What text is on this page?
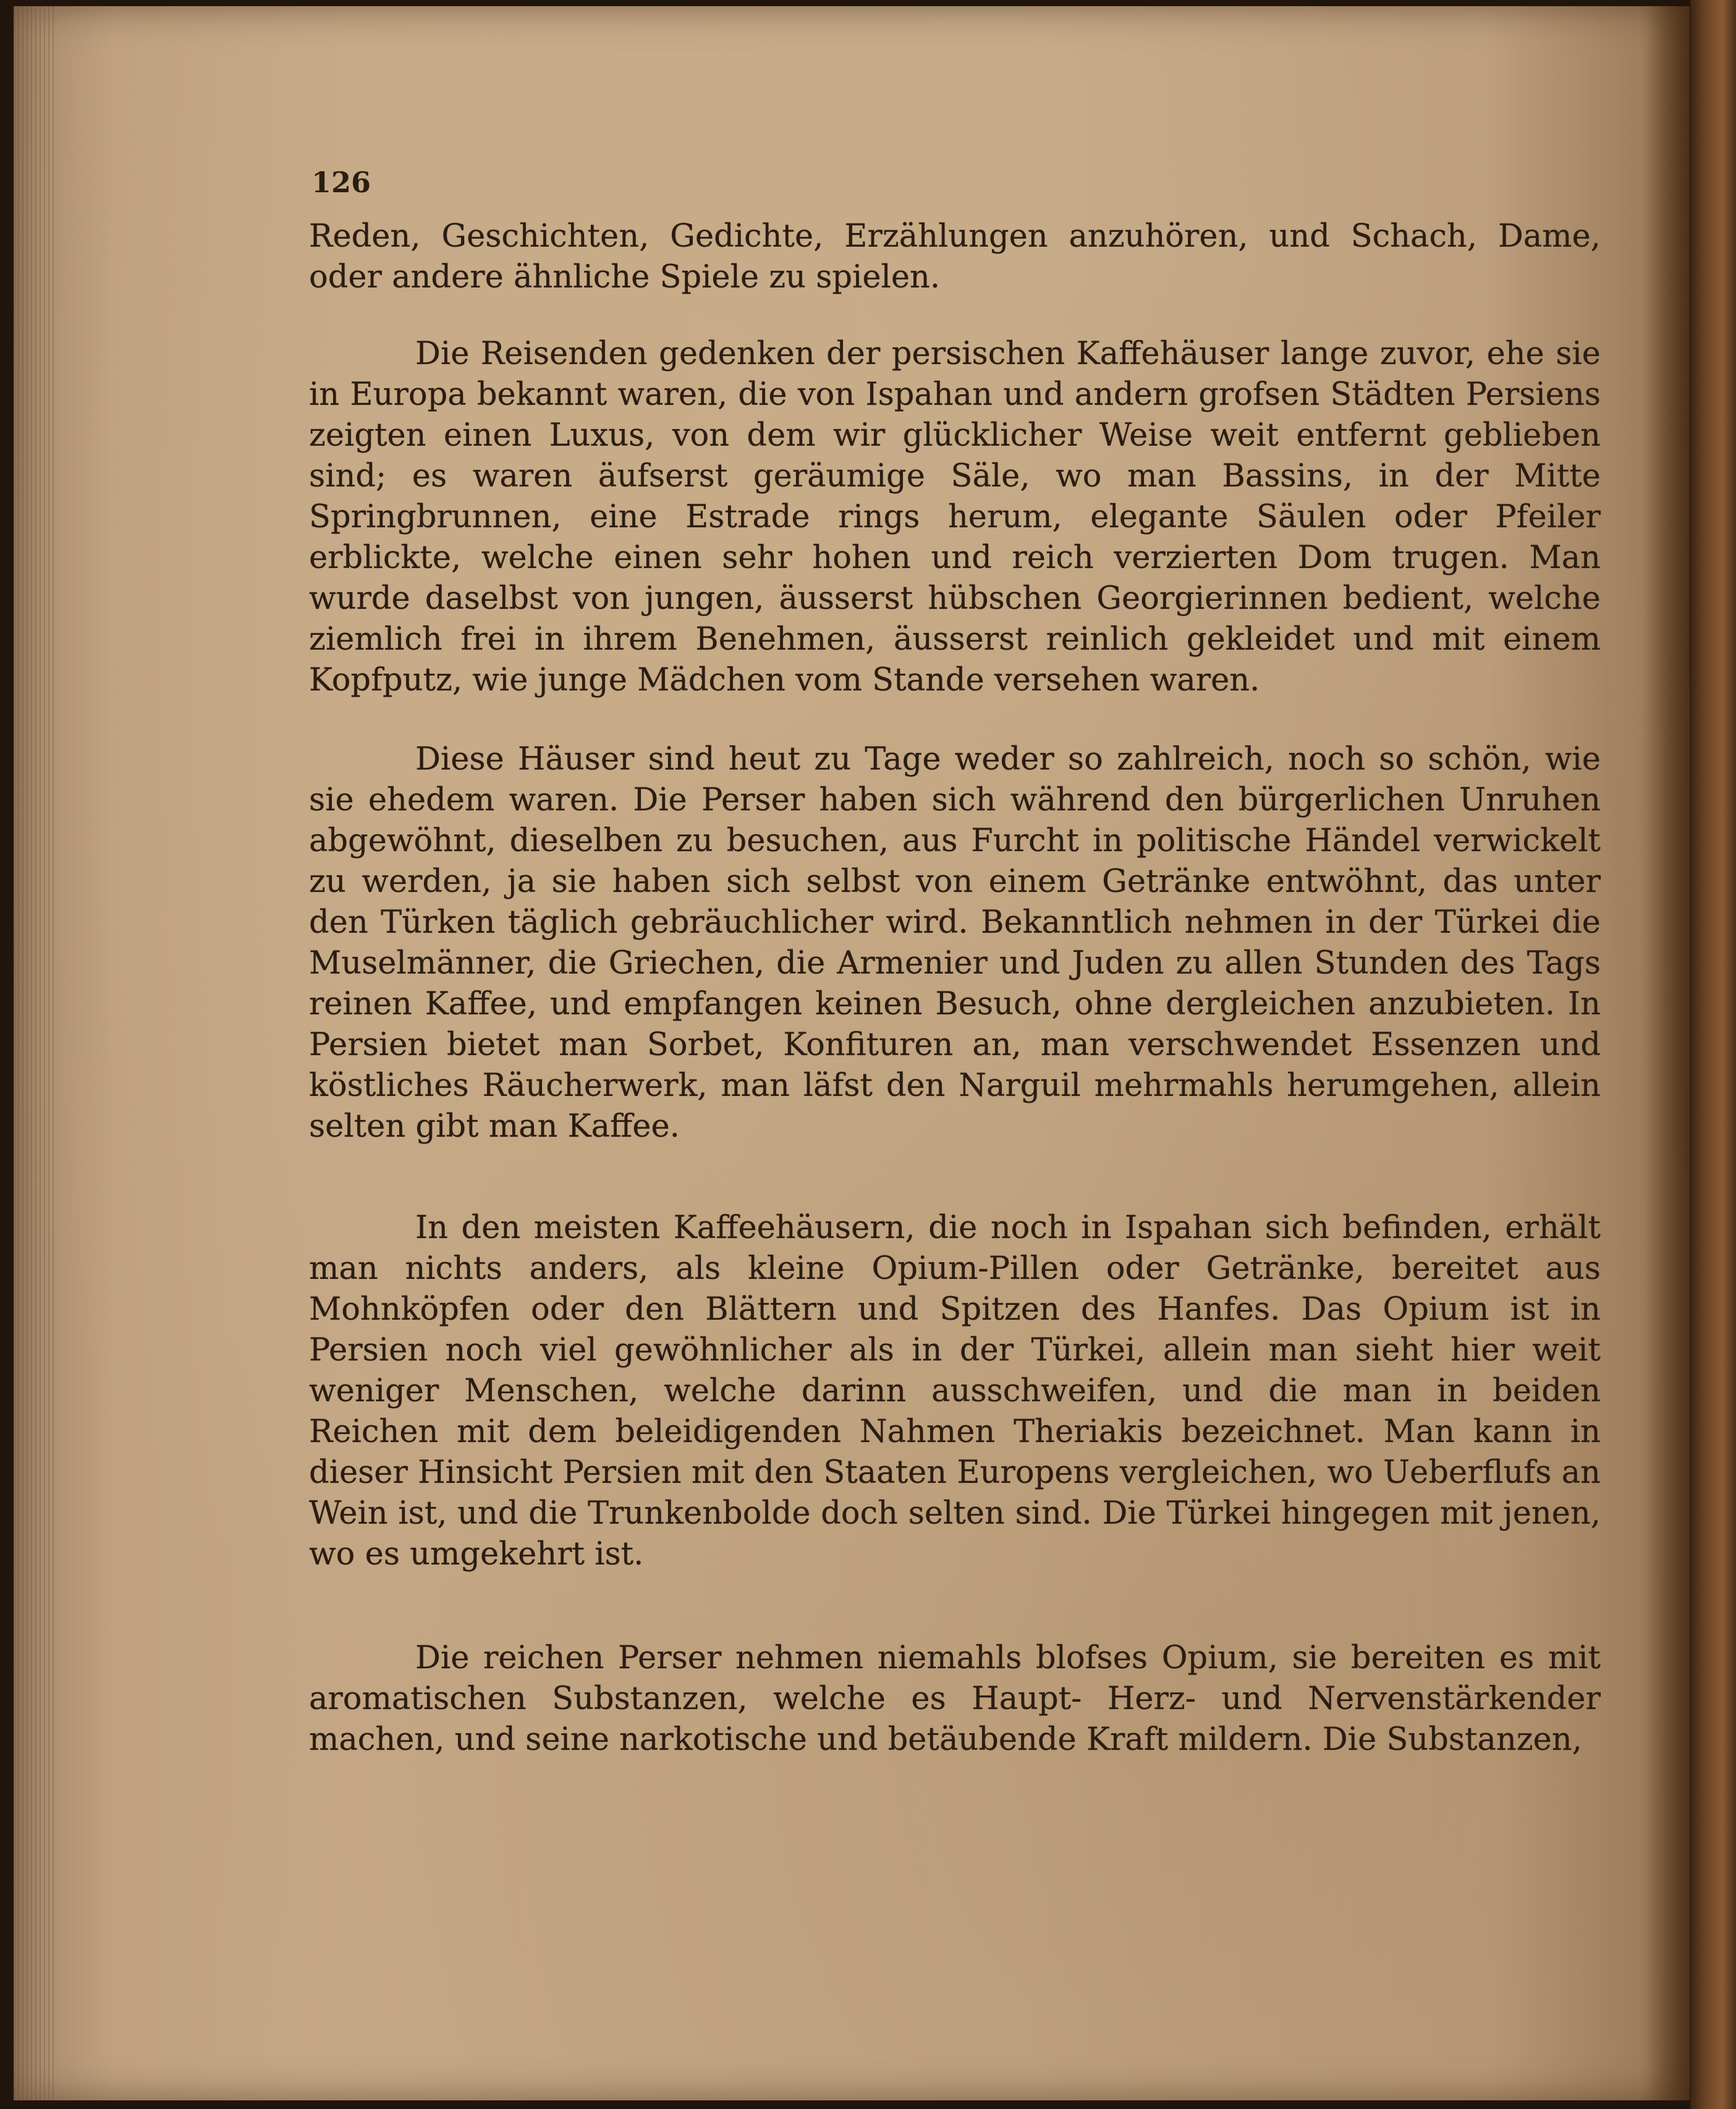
126

Reden, Geschichten, Gedichte, Erzählungen anzuhören, und Schach, Dame, oder andere ähnliche Spiele zu spielen.

Die Reisenden gedenken der persischen Kaffehäuser lange zuvor, ehe sie in Europa bekannt waren, die von Ispahan und andern grofsen Städten Persiens zeigten einen Luxus, von dem wir glücklicher Weise weit entfernt geblieben sind; es waren äufserst geräumige Säle, wo man Bassins, in der Mitte Springbrunnen, eine Estrade rings herum, elegante Säulen oder Pfeiler erblickte, welche einen sehr hohen und reich verzierten Dom trugen. Man wurde daselbst von jungen, äusserst hübschen Georgierinnen bedient, welche ziemlich frei in ihrem Benehmen, äusserst reinlich gekleidet und mit einem Kopfputz, wie junge Mädchen vom Stande versehen waren.

Diese Häuser sind heut zu Tage weder so zahlreich, noch so schön, wie sie ehedem waren. Die Perser haben sich während den bürgerlichen Unruhen abgewöhnt, dieselben zu besuchen, aus Furcht in politische Händel verwickelt zu werden, ja sie haben sich selbst von einem Getränke entwöhnt, das unter den Türken täglich gebräuchlicher wird. Bekanntlich nehmen in der Türkei die Muselmänner, die Griechen, die Armenier und Juden zu allen Stunden des Tags reinen Kaffee, und empfangen keinen Besuch, ohne dergleichen anzubieten. In Persien bietet man Sorbet, Konfituren an, man verschwendet Essenzen und köstliches Räucherwerk, man läfst den Narguil mehrmahls herumgehen, allein selten gibt man Kaffee.

In den meisten Kaffeehäusern, die noch in Ispahan sich befinden, erhält man nichts anders, als kleine Opium-Pillen oder Getränke, bereitet aus Mohnköpfen oder den Blättern und Spitzen des Hanfes. Das Opium ist in Persien noch viel gewöhnlicher als in der Türkei, allein man sieht hier weit weniger Menschen, welche darinn ausschweifen, und die man in beiden Reichen mit dem beleidigenden Nahmen Theriakis bezeichnet. Man kann in dieser Hinsicht Persien mit den Staaten Europens vergleichen, wo Ueberflufs an Wein ist, und die Trunkenbolde doch selten sind. Die Türkei hingegen mit jenen, wo es umgekehrt ist.

Die reichen Perser nehmen niemahls blofses Opium, sie bereiten es mit aromatischen Substanzen, welche es Haupt- Herz- und Nervenstärkender machen, und seine narkotische und betäubende Kraft mildern. Die Substanzen,
